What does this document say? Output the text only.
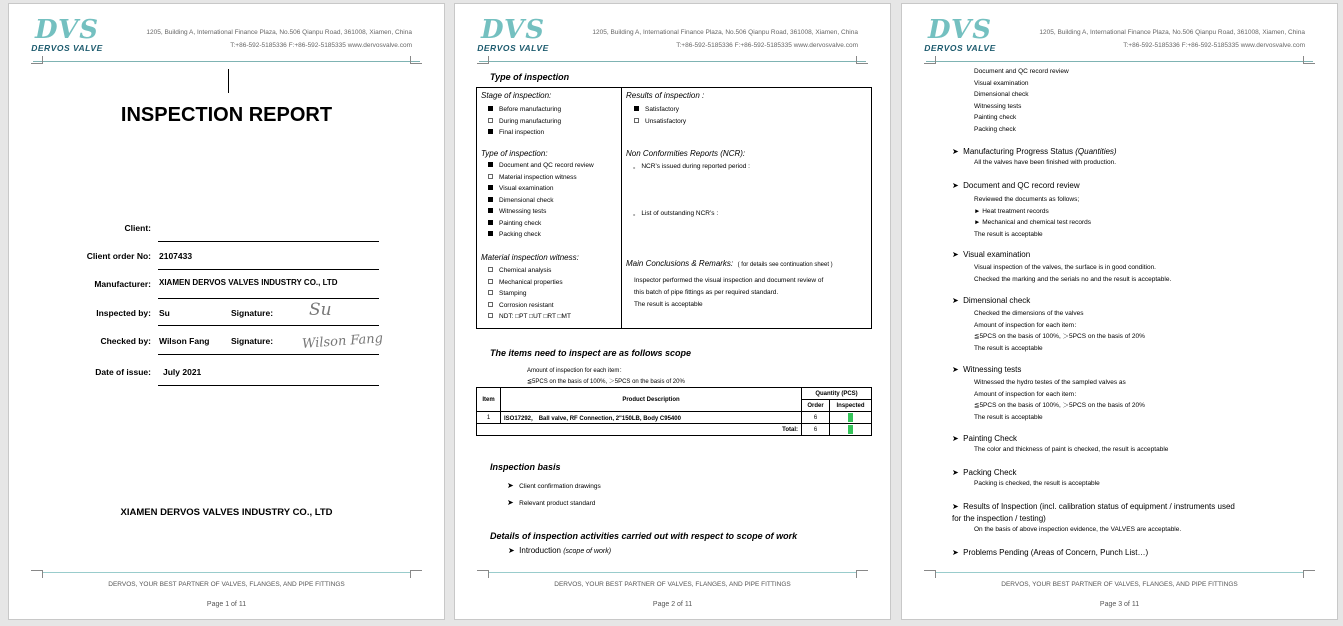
DVS
DERVOS VALVE
1205, Building A, International Finance Plaza, No.506 Qianpu Road, 361008, Xiamen, China
T:+86-592-5185336 F:+86-592-5185335 www.dervosvalve.com
INSPECTION REPORT
Client:
Client order No: 2107433
Manufacturer: XIAMEN DERVOS VALVES INDUSTRY CO., LTD
Inspected by: Su	Signature: Su
Checked by: Wilson Fang	Signature: Wilson Fang
Date of issue: July 2021
XIAMEN DERVOS VALVES INDUSTRY CO., LTD
DERVOS, YOUR BEST PARTNER OF VALVES, FLANGES, AND PIPE FITTINGS
Page 1 of 11
DVS
DERVOS VALVE
1205, Building A, International Finance Plaza, No.506 Qianpu Road, 361008, Xiamen, China
T:+86-592-5185336 F:+86-592-5185335 www.dervosvalve.com
Type of inspection
Stage of inspection:
Before manufacturing
During manufacturing
Final inspection
Type of inspection:
Document and QC record review
Material inspection witness
Visual examination
Dimensional check
Witnessing tests
Painting check
Packing check
Material inspection witness:
Chemical analysis
Mechanical properties
Stamping
Corrosion resistant
NDT: □PT □UT □RT □MT
Results of inspection :
Satisfactory
Unsatisfactory
Non Conformities Reports (NCR):
。 NCR’s issued during reported period :
。 List of outstanding NCR’s :
Main Conclusions & Remarks: ( for details see continuation sheet )
Inspector performed the visual inspection and document review of
this batch of pipe fittings as per required standard.
The result is acceptable
The items need to inspect are as follows scope
Amount of inspection for each item：
≦5PCS on the basis of 100%, ＞5PCS on the basis of 20%
Item	Product Description	Quantity (PCS)	
		Order	Inspected
1	ISO17292， Ball valve, RF Connection, 2"150LB, Body C95400	6	6
Total:		6	6
Inspection basis
➤ Client confirmation drawings
➤ Relevant product standard
Details of inspection activities carried out with respect to scope of work
➤ Introduction (scope of work)
DERVOS, YOUR BEST PARTNER OF VALVES, FLANGES, AND PIPE FITTINGS
Page 2 of 11
DVS
DERVOS VALVE
1205, Building A, International Finance Plaza, No.506 Qianpu Road, 361008, Xiamen, China
T:+86-592-5185336 F:+86-592-5185335 www.dervosvalve.com
Document and QC record review
Visual examination
Dimensional check
Witnessing tests
Painting check
Packing check
➤ Manufacturing Progress Status (Quantities)
All the valves have been finished with production.
➤ Document and QC record review
Reviewed the documents as follows;
► Heat treatment records
► Mechanical and chemical test records
The result is acceptable
➤ Visual examination
Visual inspection of the valves, the surface is in good condition.
Checked the marking and the serials no and the result is acceptable.
➤ Dimensional check
Checked the dimensions of the valves
Amount of inspection for each item：
≦5PCS on the basis of 100%, ＞5PCS on the basis of 20%
The result is acceptable
➤ Witnessing tests
Witnessed the hydro testes of the sampled valves as
Amount of inspection for each item：
≦5PCS on the basis of 100%, ＞5PCS on the basis of 20%
The result is acceptable
➤ Painting Check
The color and thickness of paint is checked, the result is acceptable
➤ Packing Check
Packing is checked, the result is acceptable
➤ Results of Inspection (incl. calibration status of equipment / instruments used
for the inspection / testing)
On the basis of above inspection evidence, the VALVES are acceptable.
➤ Problems Pending (Areas of Concern, Punch List…)
DERVOS, YOUR BEST PARTNER OF VALVES, FLANGES, AND PIPE FITTINGS
Page 3 of 11
